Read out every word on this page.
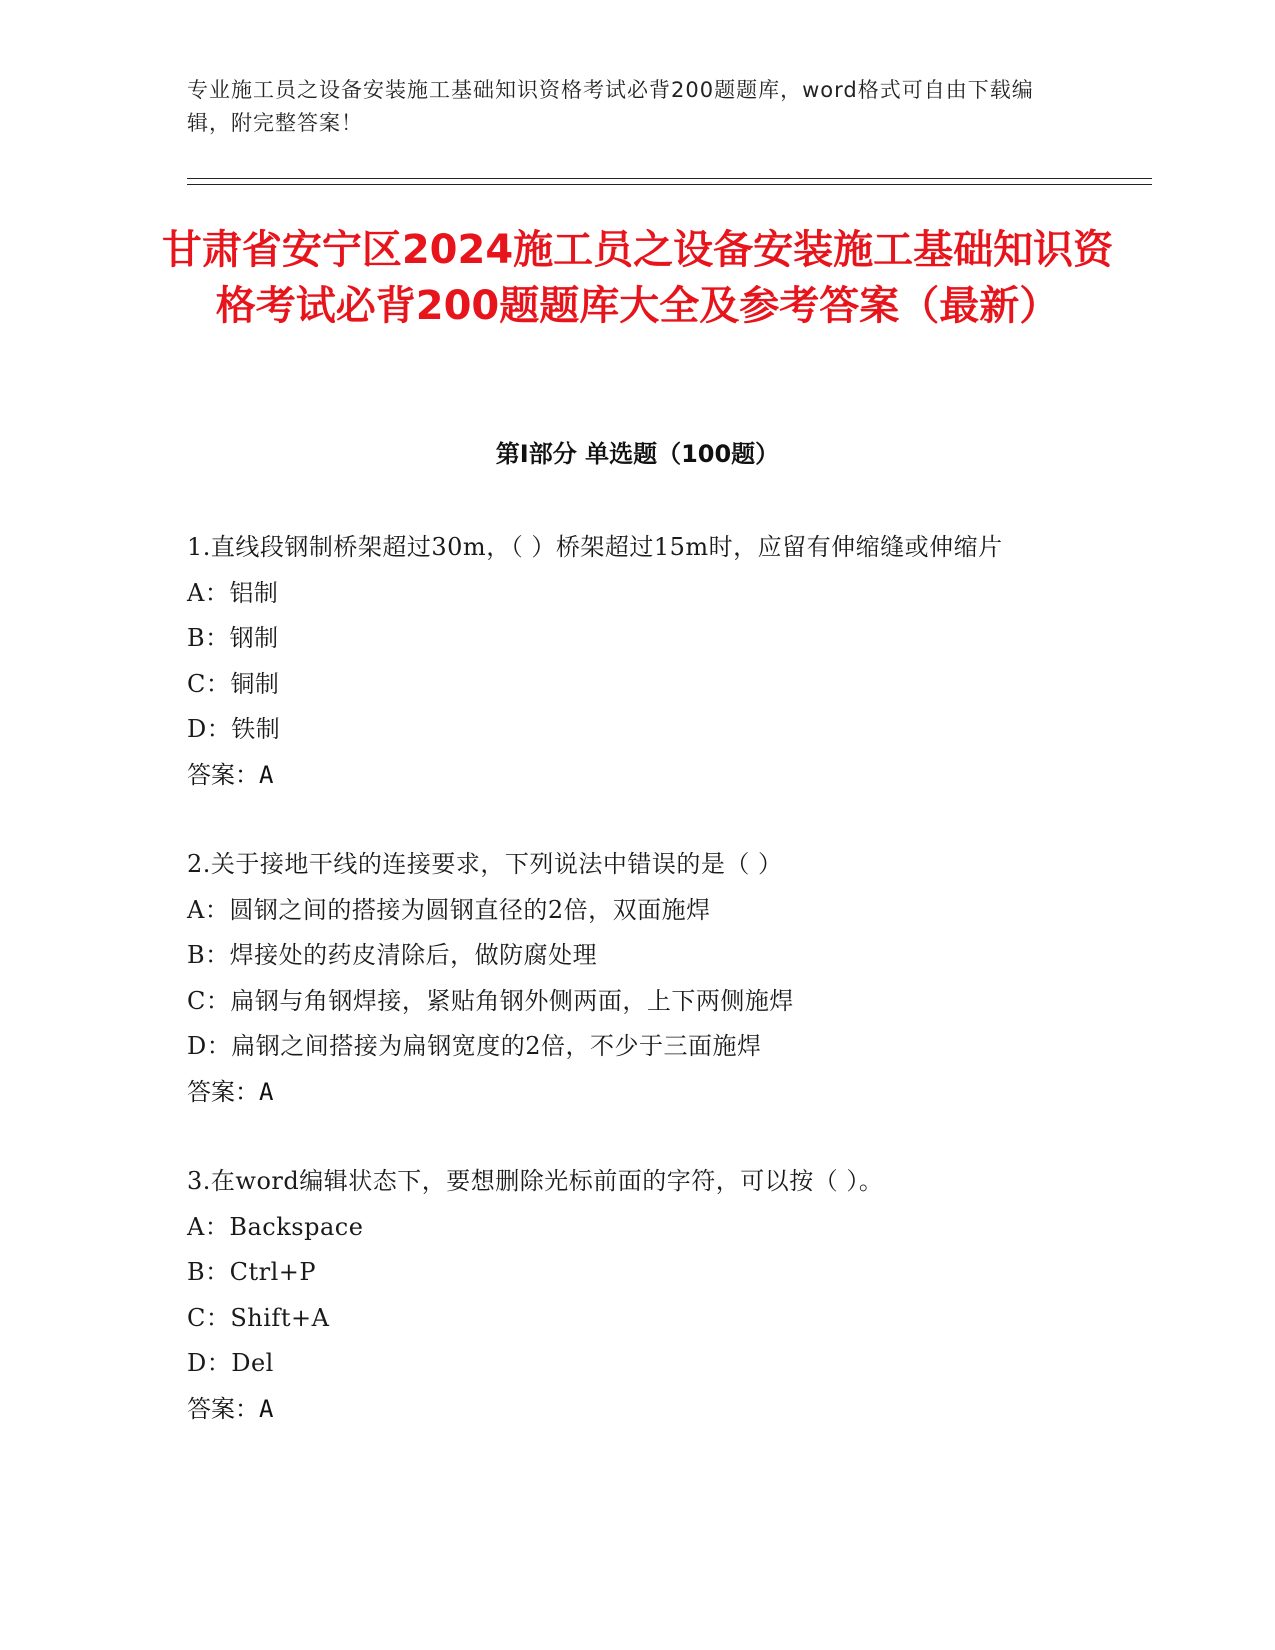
专业施工员之设备安装施工基础知识资格考试必背200题题库，word格式可自由下载编辑，附完整答案！
甘肃省安宁区2024施工员之设备安装施工基础知识资格考试必背200题题库大全及参考答案（最新）
第Ⅰ部分 单选题（100题）
1.直线段钢制桥架超过30m，（ ）桥架超过15m时，应留有伸缩缝或伸缩片
A：铝制
B：钢制
C：铜制
D：铁制
答案：A
2.关于接地干线的连接要求，下列说法中错误的是（ ）
A：圆钢之间的搭接为圆钢直径的2倍，双面施焊
B：焊接处的药皮清除后，做防腐处理
C：扁钢与角钢焊接，紧贴角钢外侧两面，上下两侧施焊
D：扁钢之间搭接为扁钢宽度的2倍，不少于三面施焊
答案：A
3.在word编辑状态下，要想删除光标前面的字符，可以按（ ）。
A：Backspace
B：Ctrl+P
C：Shift+A
D：Del
答案：A
